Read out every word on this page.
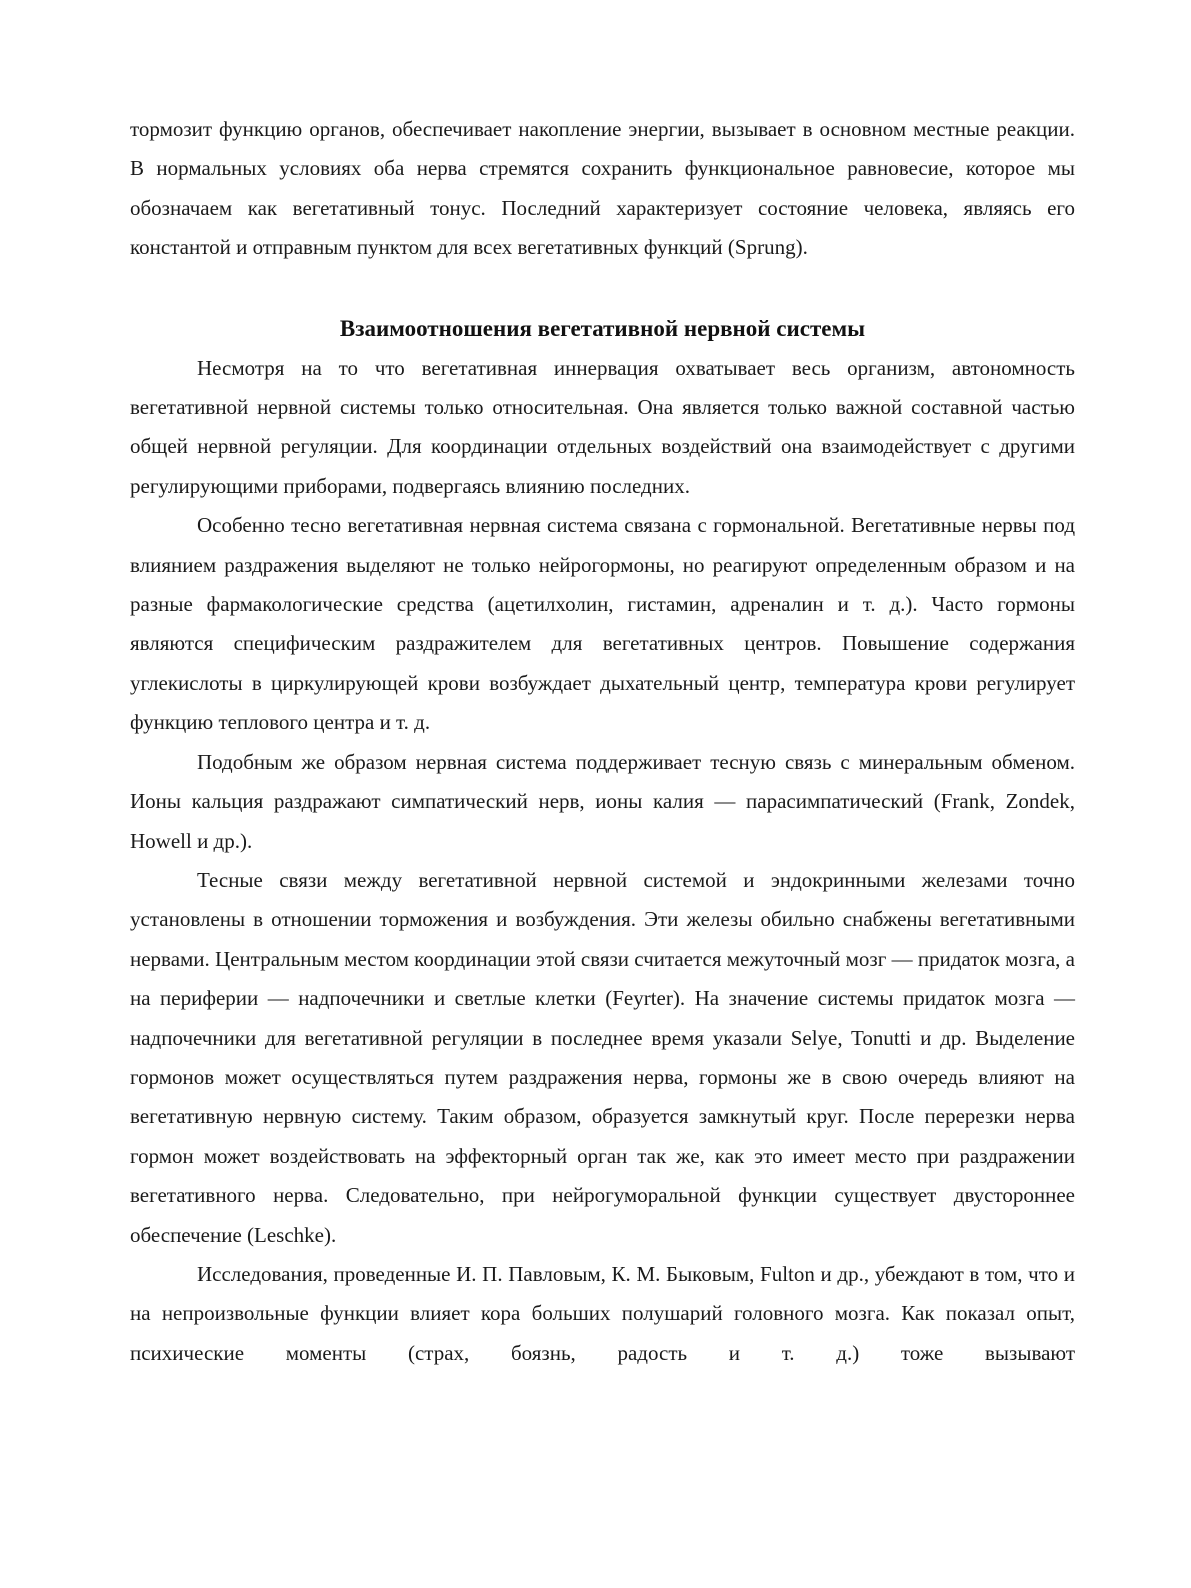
тормозит функцию органов, обеспечивает накопление энергии, вызывает в основном местные реакции. В нормальных условиях оба нерва стремятся сохранить функциональное равновесие, которое мы обозначаем как вегетативный тонус. Последний характеризует состояние человека, являясь его константой и отправным пунктом для всех вегетативных функций (Sprung).

Взаимоотношения вегетативной нервной системы

Несмотря на то что вегетативная иннервация охватывает весь организм, автономность вегетативной нервной системы только относительная. Она является только важной составной частью общей нервной регуляции. Для координации отдельных воздействий она взаимодействует с другими регулирующими приборами, подвергаясь влиянию последних.

Особенно тесно вегетативная нервная система связана с гормональной. Вегетативные нервы под влиянием раздражения выделяют не только нейрогормоны, но реагируют определенным образом и на разные фармакологические средства (ацетилхолин, гистамин, адреналин и т. д.). Часто гормоны являются специфическим раздражителем для вегетативных центров. Повышение содержания углекислоты в циркулирующей крови возбуждает дыхательный центр, температура крови регулирует функцию теплового центра и т. д.

Подобным же образом нервная система поддерживает тесную связь с минеральным обменом. Ионы кальция раздражают симпатический нерв, ионы калия — парасимпатический (Frank, Zondek, Howell и др.).

Тесные связи между вегетативной нервной системой и эндокринными железами точно установлены в отношении торможения и возбуждения. Эти железы обильно снабжены вегетативными нервами. Центральным местом координации этой связи считается межуточный мозг — придаток мозга, а на периферии — надпочечники и светлые клетки (Feyrter). На значение системы придаток мозга — надпочечники для вегетативной регуляции в последнее время указали Selye, Tonutti и др. Выделение гормонов может осуществляться путем раздражения нерва, гормоны же в свою очередь влияют на вегетативную нервную систему. Таким образом, образуется замкнутый круг. После перерезки нерва гормон может воздействовать на эффекторный орган так же, как это имеет место при раздражении вегетативного нерва. Следовательно, при нейрогуморальной функции существует двустороннее обеспечение (Leschke).

Исследования, проведенные И. П. Павловым, К. М. Быковым, Fulton и др., убеждают в том, что и на непроизвольные функции влияет кора больших полушарий головного мозга. Как показал опыт, психические моменты (страх, боязнь, радость и т. д.) тоже вызывают
